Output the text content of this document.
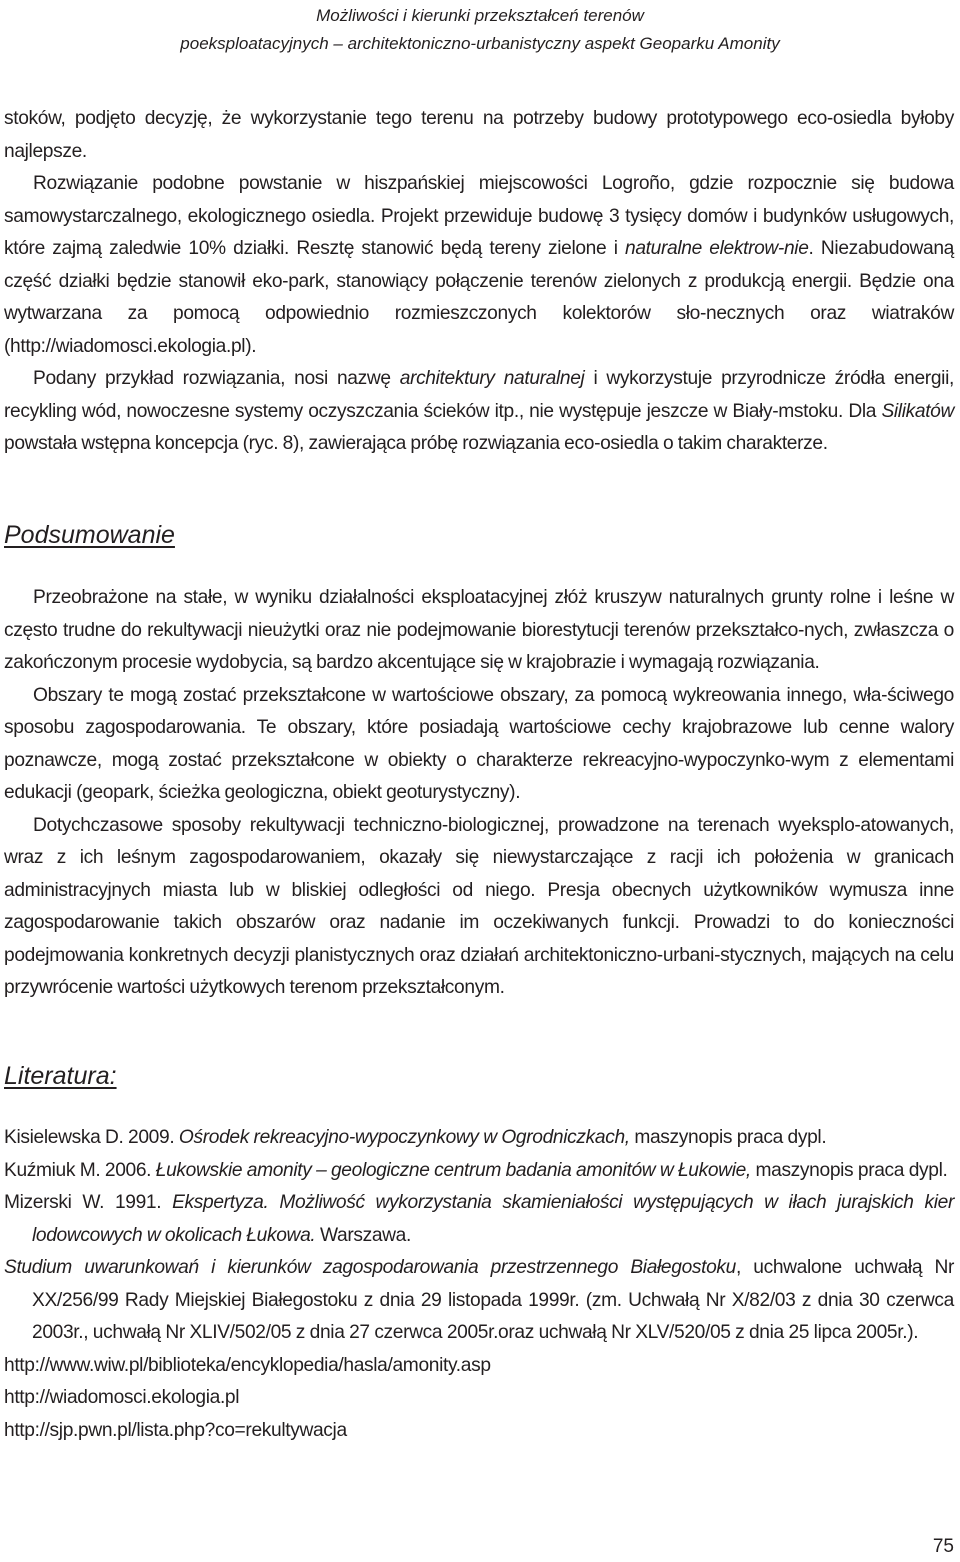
Możliwości i kierunki przekształceń terenów
poeksploatacyjnych – architektoniczno-urbanistyczny aspekt Geoparku Amonity

stoków, podjęto decyzję, że wykorzystanie tego terenu na potrzeby budowy prototypowego eco-osiedla byłoby najlepsze.

Rozwiązanie podobne powstanie w hiszpańskiej miejscowości Logroño, gdzie rozpocznie się budowa samowystarczalnego, ekologicznego osiedla. Projekt przewiduje budowę 3 tysięcy domów i budynków usługowych, które zajmą zaledwie 10% działki. Resztę stanowić będą tereny zielone i naturalne elektrow-nie. Niezabudowaną część działki będzie stanowił eko-park, stanowiący połączenie terenów zielonych z produkcją energii. Będzie ona wytwarzana za pomocą odpowiednio rozmieszczonych kolektorów sło-necznych oraz wiatraków (http://wiadomosci.ekologia.pl).

Podany przykład rozwiązania, nosi nazwę architektury naturalnej i wykorzystuje przyrodnicze źródła energii, recykling wód, nowoczesne systemy oczyszczania ścieków itp., nie występuje jeszcze w Biały-mstoku. Dla Silikatów powstała wstępna koncepcja (ryc. 8), zawierająca próbę rozwiązania eco-osiedla o takim charakterze.

Podsumowanie

Przeobrażone na stałe, w wyniku działalności eksploatacyjnej złóż kruszyw naturalnych grunty rolne i leśne w często trudne do rekultywacji nieużytki oraz nie podejmowanie biorestytucji terenów przekształco-nych, zwłaszcza o zakończonym procesie wydobycia, są bardzo akcentujące się w krajobrazie i wymagają rozwiązania.

Obszary te mogą zostać przekształcone w wartościowe obszary, za pomocą wykreowania innego, wła-ściwego sposobu zagospodarowania. Te obszary, które posiadają wartościowe cechy krajobrazowe lub cenne walory poznawcze, mogą zostać przekształcone w obiekty o charakterze rekreacyjno-wypoczynko-wym z elementami edukacji (geopark, ścieżka geologiczna, obiekt geoturystyczny).

Dotychczasowe sposoby rekultywacji techniczno-biologicznej, prowadzone na terenach wyeksplo-atowanych, wraz z ich leśnym zagospodarowaniem, okazały się niewystarczające z racji ich położenia w granicach administracyjnych miasta lub w bliskiej odległości od niego. Presja obecnych użytkowników wymusza inne zagospodarowanie takich obszarów oraz nadanie im oczekiwanych funkcji. Prowadzi to do konieczności podejmowania konkretnych decyzji planistycznych oraz działań architektoniczno-urbani-stycznych, mających na celu przywrócenie wartości użytkowych terenom przekształconym.

Literatura:

Kisielewska D. 2009. Ośrodek rekreacyjno-wypoczynkowy w Ogrodniczkach, maszynopis praca dypl.

Kuźmiuk M. 2006. Łukowskie amonity – geologiczne centrum badania amonitów w Łukowie, maszynopis praca dypl.

Mizerski W. 1991. Ekspertyza. Możliwość wykorzystania skamieniałości występujących w iłach jurajskich kier lodowcowych w okolicach Łukowa. Warszawa.

Studium uwarunkowań i kierunków zagospodarowania przestrzennego Białegostoku, uchwalone uchwałą Nr XX/256/99 Rady Miejskiej Białegostoku z dnia 29 listopada 1999r. (zm. Uchwałą Nr X/82/03 z dnia 30 czerwca 2003r., uchwałą Nr XLIV/502/05 z dnia 27 czerwca 2005r.oraz uchwałą Nr XLV/520/05 z dnia 25 lipca 2005r.).

http://www.wiw.pl/biblioteka/encyklopedia/hasla/amonity.asp

http://wiadomosci.ekologia.pl

http://sjp.pwn.pl/lista.php?co=rekultywacja

75
